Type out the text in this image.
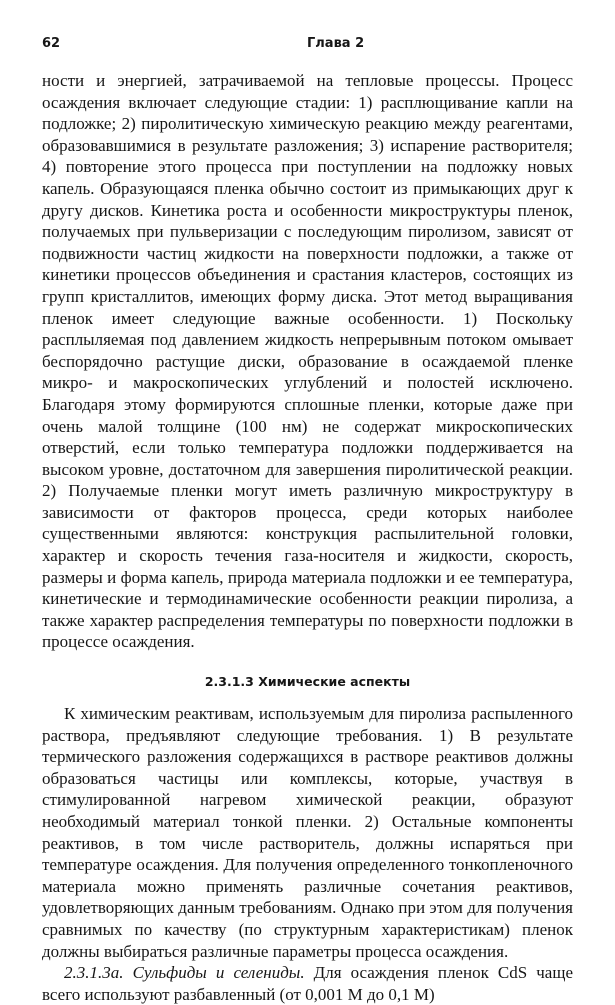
62	Глава 2

ности и энергией, затрачиваемой на тепловые процессы. Процесс осаждения включает следующие стадии: 1) расплющивание капли на подложке; 2) пиролитическую химическую реакцию между реагентами, образовавшимися в результате разложения; 3) испарение растворителя; 4) повторение этого процесса при поступлении на подложку новых капель. Образующаяся пленка обычно состоит из примыкающих друг к другу дисков. Кинетика роста и особенности микроструктуры пленок, получаемых при пульверизации с последующим пиролизом, зависят от подвижности частиц жидкости на поверхности подложки, а также от кинетики процессов объединения и срастания кластеров, состоящих из групп кристаллитов, имеющих форму диска. Этот метод выращивания пленок имеет следующие важные особенности. 1) Поскольку расплыляемая под давлением жидкость непрерывным потоком омывает беспорядочно растущие диски, образование в осаждаемой пленке микро- и макроскопических углублений и полостей исключено. Благодаря этому формируются сплошные пленки, которые даже при очень малой толщине (100 нм) не содержат микроскопических отверстий, если только температура подложки поддерживается на высоком уровне, достаточном для завершения пиролитической реакции. 2) Получаемые пленки могут иметь различную микроструктуру в зависимости от факторов процесса, среди которых наиболее существенными являются: конструкция распылительной головки, характер и скорость течения газа-носителя и жидкости, скорость, размеры и форма капель, природа материала подложки и ее температура, кинетические и термодинамические особенности реакции пиролиза, а также характер распределения температуры по поверхности подложки в процессе осаждения.

2.3.1.3 Химические аспекты

К химическим реактивам, используемым для пиролиза распыленного раствора, предъявляют следующие требования. 1) В результате термического разложения содержащихся в растворе реактивов должны образоваться частицы или комплексы, которые, участвуя в стимулированной нагревом химической реакции, образуют необходимый материал тонкой пленки. 2) Остальные компоненты реактивов, в том числе растворитель, должны испаряться при температуре осаждения. Для получения определенного тонкопленочного материала можно применять различные сочетания реактивов, удовлетворяющих данным требованиям. Однако при этом для получения сравнимых по качеству (по структурным характеристикам) пленок должны выбираться различные параметры процесса осаждения.

2.3.1.3а. Сульфиды и селениды. Для осаждения пленок CdS чаще всего используют разбавленный (от 0,001 М до 0,1 М)
